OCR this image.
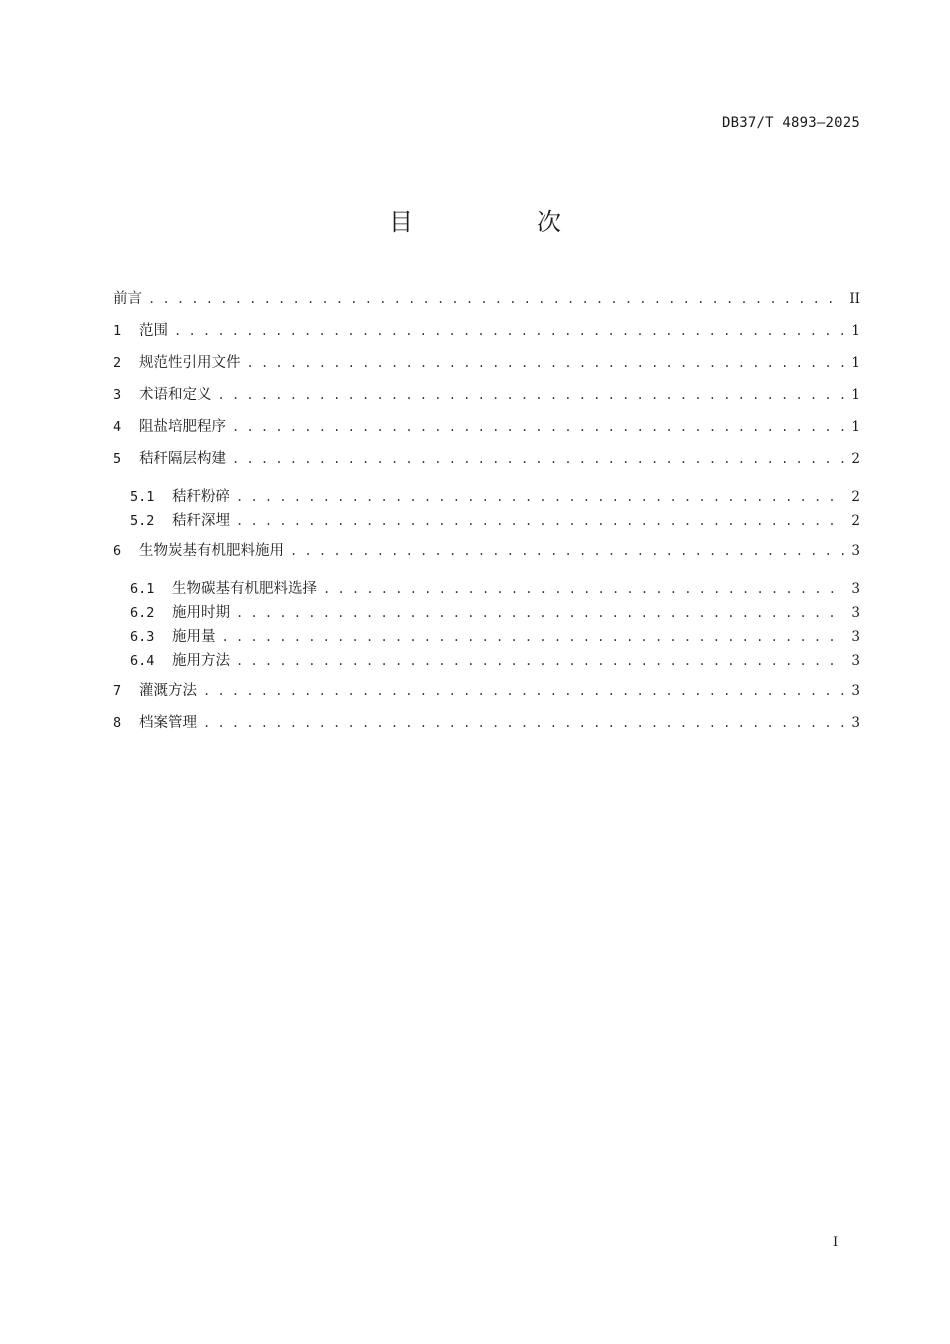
DB37/T 4893—2025
目　次
前言 . . .	II
1	范围 . . .	1
2	规范性引用文件 . . .	1
3	术语和定义 . . .	1
4	阻盐培肥程序 . . .	1
5	秸秆隔层构建 . . .	2
5.1	秸秆粉碎 . . .	2
5.2	秸秆深埋 . . .	2
6	生物炭基有机肥料施用 . . .	3
6.1	生物碳基有机肥料选择 . . .	3
6.2	施用时期 . . .	3
6.3	施用量 . . .	3
6.4	施用方法 . . .	3
7	灌溉方法 . . .	3
8	档案管理 . . .	3
I
